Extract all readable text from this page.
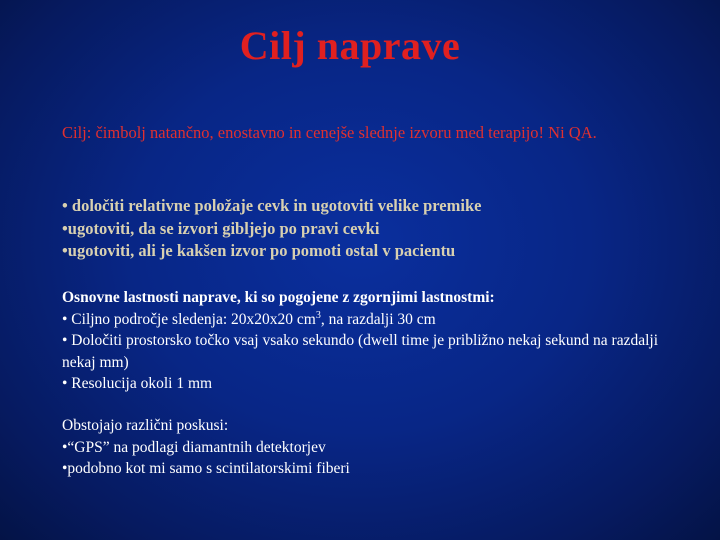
Cilj naprave

Cilj: čimbolj natančno, enostavno in cenejše slednje izvoru med terapijo! Ni QA.

• določiti relativne položaje cevk in ugotoviti velike premike
•ugotoviti, da se izvori gibljejo po pravi cevki
•ugotoviti, ali je kakšen izvor po pomoti ostal v pacientu

Osnovne lastnosti naprave, ki so pogojene z zgornjimi lastnostmi:

• Ciljno področje sledenja: 20x20x20 $cm^3$, na razdalji 30 cm
• Določiti prostorsko točko vsaj vsako sekundo (dwell time je približno nekaj sekund na razdalji nekaj mm)
• Resolucija okoli 1 mm

Obstojajo različni poskusi:

•“GPS” na podlagi diamantnih detektorjev
•podobno kot mi samo s scintilatorskimi fiberi
